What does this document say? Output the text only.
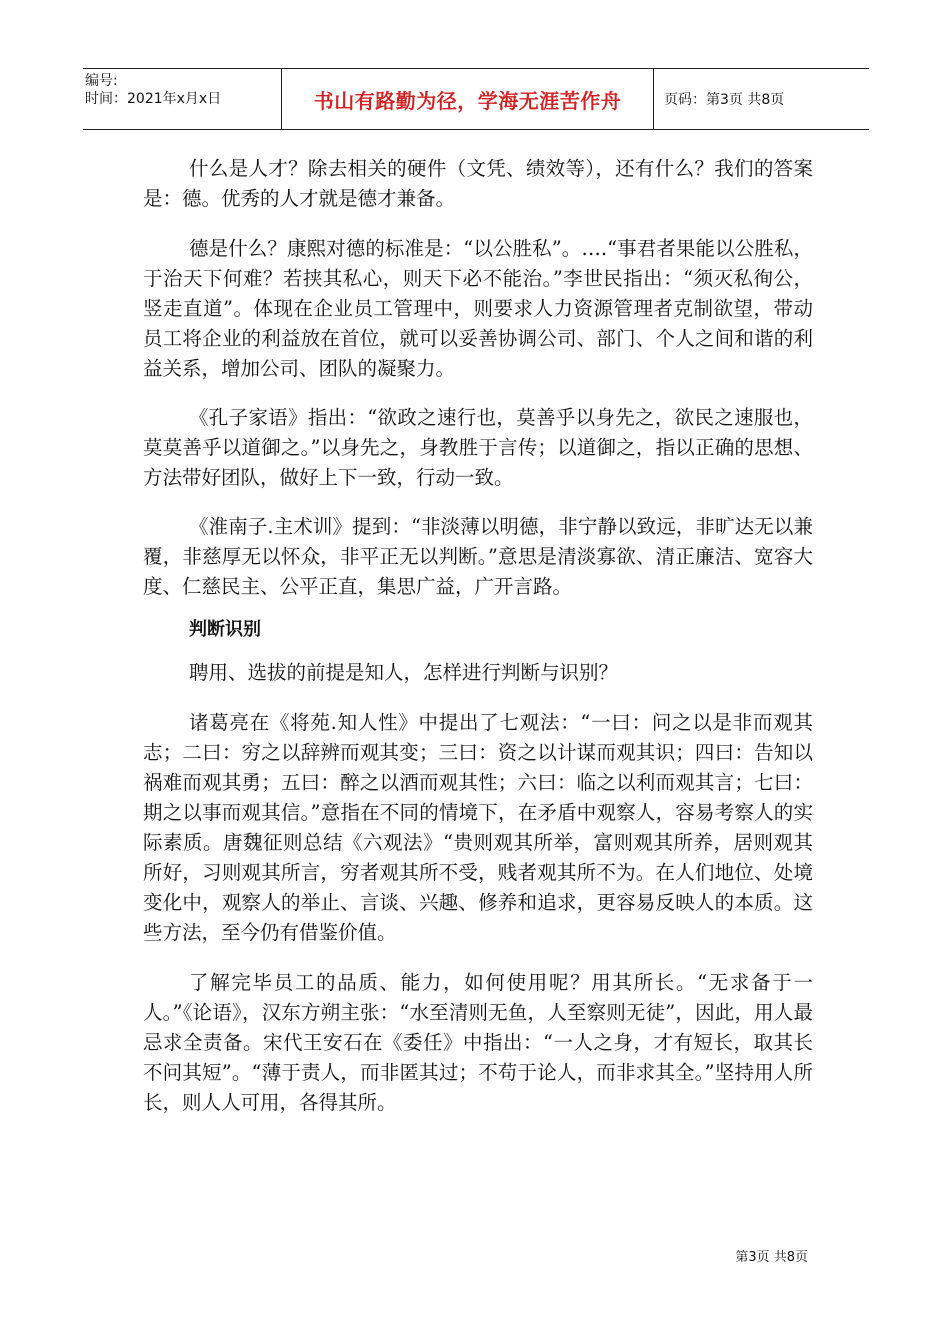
编号:
时间：2021年x月x日	书山有路勤为径，学海无涯苦作舟	页码：第3页 共8页

什么是人才？除去相关的硬件（文凭、绩效等），还有什么？我们的答案是：德。优秀的人才就是德才兼备。

德是什么？康熙对德的标准是：“以公胜私”。….“事君者果能以公胜私，于治天下何难？若挟其私心，则天下必不能治。”李世民指出：“须灭私徇公，竖走直道”。体现在企业员工管理中，则要求人力资源管理者克制欲望，带动员工将企业的利益放在首位，就可以妥善协调公司、部门、个人之间和谐的利益关系，增加公司、团队的凝聚力。

《孔子家语》指出：“欲政之速行也，莫善乎以身先之，欲民之速服也，莫莫善乎以道御之。”以身先之，身教胜于言传；以道御之，指以正确的思想、方法带好团队，做好上下一致，行动一致。

《淮南子.主术训》提到：“非淡薄以明德，非宁静以致远，非旷达无以兼覆，非慈厚无以怀众，非平正无以判断。”意思是清淡寡欲、清正廉洁、宽容大度、仁慈民主、公平正直，集思广益，广开言路。

判断识别

聘用、选拔的前提是知人，怎样进行判断与识别？

诸葛亮在《将苑.知人性》中提出了七观法：“一曰：问之以是非而观其志；二曰：穷之以辞辨而观其变；三曰：资之以计谋而观其识；四曰：告知以祸难而观其勇；五曰：醉之以酒而观其性；六曰：临之以利而观其言；七曰：期之以事而观其信。”意指在不同的情境下，在矛盾中观察人，容易考察人的实际素质。唐魏征则总结《六观法》“贵则观其所举，富则观其所养，居则观其所好，习则观其所言，穷者观其所不受，贱者观其所不为。在人们地位、处境变化中，观察人的举止、言谈、兴趣、修养和追求，更容易反映人的本质。这些方法，至今仍有借鉴价值。

了解完毕员工的品质、能力，如何使用呢？用其所长。“无求备于一人。”《论语》，汉东方朔主张：“水至清则无鱼，人至察则无徒”，因此，用人最忌求全责备。宋代王安石在《委任》中指出：“一人之身，才有短长，取其长不问其短”。“薄于责人，而非匿其过；不苟于论人，而非求其全。”坚持用人所长，则人人可用，各得其所。

第3页 共8页
